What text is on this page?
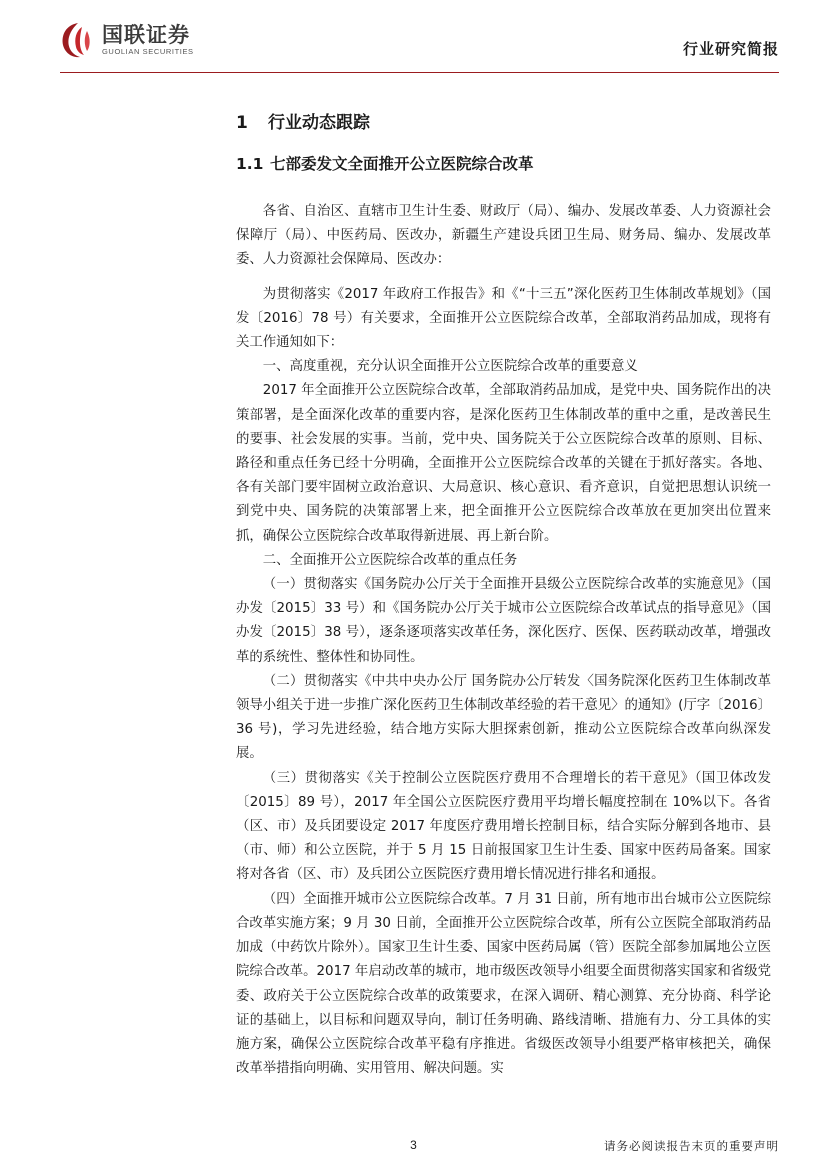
国联证券
GUOLIAN SECURITIES	行业研究简报
1 行业动态跟踪
1.1 七部委发文全面推开公立医院综合改革

各省、自治区、直辖市卫生计生委、财政厅（局）、编办、发展改革委、人力资源社会保障厅（局）、中医药局、医改办，新疆生产建设兵团卫生局、财务局、编办、发展改革委、人力资源社会保障局、医改办：

为贯彻落实《2017 年政府工作报告》和《“十三五”深化医药卫生体制改革规划》（国发〔2016〕78 号）有关要求，全面推开公立医院综合改革，全部取消药品加成，现将有关工作通知如下：

一、高度重视，充分认识全面推开公立医院综合改革的重要意义

2017 年全面推开公立医院综合改革，全部取消药品加成，是党中央、国务院作出的决策部署，是全面深化改革的重要内容，是深化医药卫生体制改革的重中之重，是改善民生的要事、社会发展的实事。当前，党中央、国务院关于公立医院综合改革的原则、目标、路径和重点任务已经十分明确，全面推开公立医院综合改革的关键在于抓好落实。各地、各有关部门要牢固树立政治意识、大局意识、核心意识、看齐意识，自觉把思想认识统一到党中央、国务院的决策部署上来，把全面推开公立医院综合改革放在更加突出位置来抓，确保公立医院综合改革取得新进展、再上新台阶。

二、全面推开公立医院综合改革的重点任务

（一）贯彻落实《国务院办公厅关于全面推开县级公立医院综合改革的实施意见》（国办发〔2015〕33 号）和《国务院办公厅关于城市公立医院综合改革试点的指导意见》（国办发〔2015〕38 号），逐条逐项落实改革任务，深化医疗、医保、医药联动改革，增强改革的系统性、整体性和协同性。

（二）贯彻落实《中共中央办公厅 国务院办公厅转发〈国务院深化医药卫生体制改革领导小组关于进一步推广深化医药卫生体制改革经验的若干意见〉的通知》(厅字〔2016〕36 号)，学习先进经验，结合地方实际大胆探索创新，推动公立医院综合改革向纵深发展。

（三）贯彻落实《关于控制公立医院医疗费用不合理增长的若干意见》（国卫体改发〔2015〕89 号），2017 年全国公立医院医疗费用平均增长幅度控制在 10%以下。各省（区、市）及兵团要设定 2017 年度医疗费用增长控制目标，结合实际分解到各地市、县（市、师）和公立医院，并于 5 月 15 日前报国家卫生计生委、国家中医药局备案。国家将对各省（区、市）及兵团公立医院医疗费用增长情况进行排名和通报。

（四）全面推开城市公立医院综合改革。7 月 31 日前，所有地市出台城市公立医院综合改革实施方案；9 月 30 日前，全面推开公立医院综合改革，所有公立医院全部取消药品加成（中药饮片除外）。国家卫生计生委、国家中医药局属（管）医院全部参加属地公立医院综合改革。2017 年启动改革的城市，地市级医改领导小组要全面贯彻落实国家和省级党委、政府关于公立医院综合改革的政策要求，在深入调研、精心测算、充分协商、科学论证的基础上，以目标和问题双导向，制订任务明确、路线清晰、措施有力、分工具体的实施方案，确保公立医院综合改革平稳有序推进。省级医改领导小组要严格审核把关，确保改革举措指向明确、实用管用、解决问题。实

3	请务必阅读报告末页的重要声明
